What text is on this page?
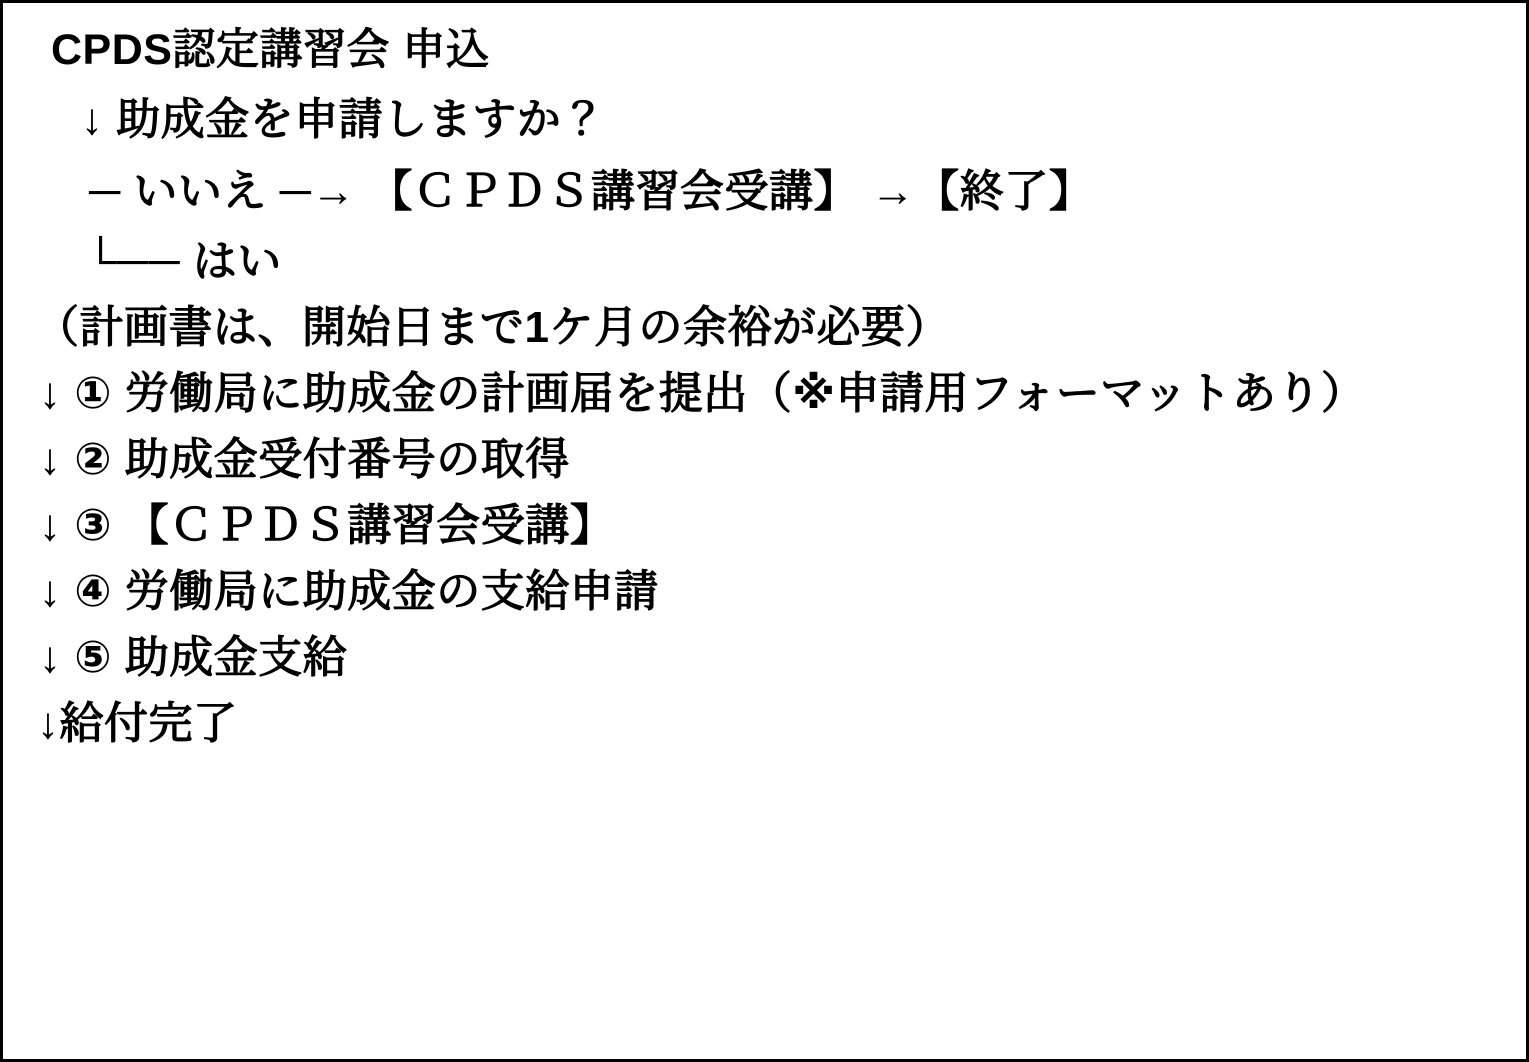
CPDS認定講習会 申込
↓ 助成金を申請しますか？
─ いいえ ─→ 【ＣＰＤＳ講習会受講】 →【終了】
└── はい
（計画書は、開始日まで1ケ月の余裕が必要）
↓ ① 労働局に助成金の計画届を提出（※申請用フォーマットあり）
↓ ② 助成金受付番号の取得
↓ ③ 【ＣＰＤＳ講習会受講】
↓ ④ 労働局に助成金の支給申請
↓ ⑤ 助成金支給
↓給付完了
